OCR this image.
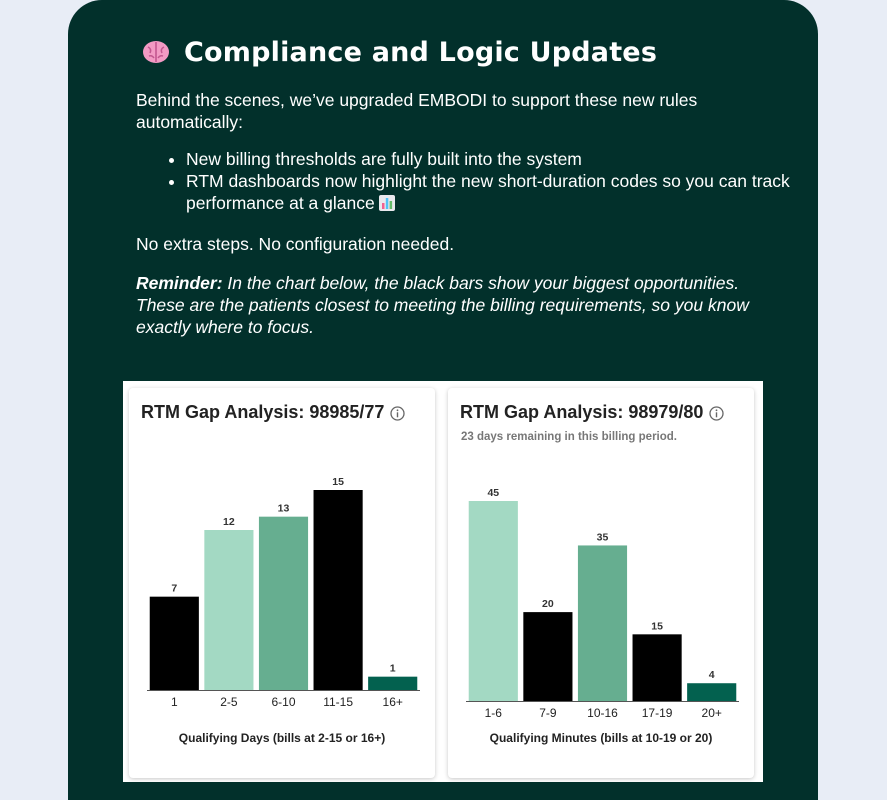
Compliance and Logic Updates
Behind the scenes, we’ve upgraded EMBODI to support these new rules automatically:
• New billing thresholds are fully built into the system
• RTM dashboards now highlight the new short-duration codes so you can track performance at a glance
No extra steps. No configuration needed.
Reminder: In the chart below, the black bars show your biggest opportunities. These are the patients closest to meeting the billing requirements, so you know exactly where to focus.
RTM Gap Analysis: 98985/77
7
1
12
2-5
13
6-10
15
11-15
1
16+
Qualifying Days (bills at 2-15 or 16+)
RTM Gap Analysis: 98979/80
23 days remaining in this billing period.
45
1-6
20
7-9
35
10-16
15
17-19
4
20+
Qualifying Minutes (bills at 10-19 or 20)
